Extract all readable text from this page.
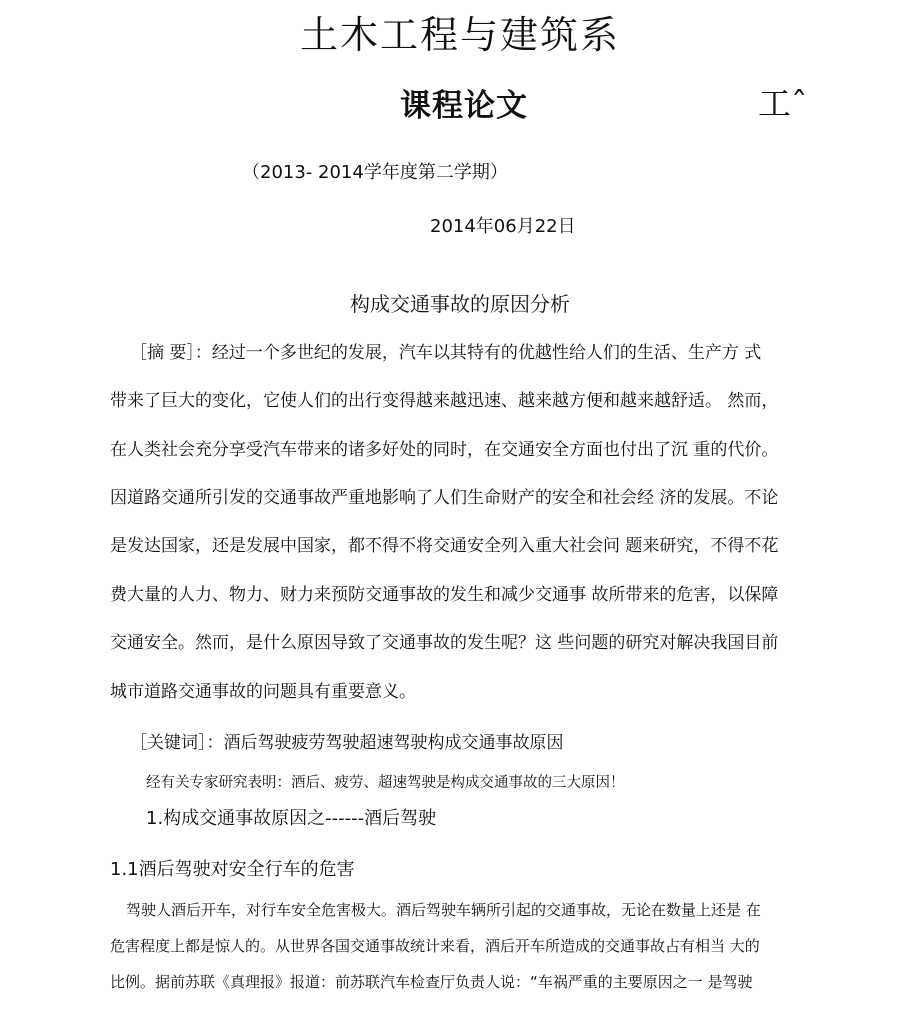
土木工程与建筑系
课程论文	工ˆ
（2013- 2014学年度第二学期）
2014年06月22日
构成交通事故的原因分析
［摘 要］：经过一个多世纪的发展，汽车以其特有的优越性给人们的生活、生产方 式
带来了巨大的变化，它使人们的出行变得越来越迅速、越来越方便和越来越舒适。 然而，
在人类社会充分享受汽车带来的诸多好处的同时，在交通安全方面也付出了沉 重的代价。
因道路交通所引发的交通事故严重地影响了人们生命财产的安全和社会经 济的发展。不论
是发达国家，还是发展中国家，都不得不将交通安全列入重大社会问 题来研究，不得不花
费大量的人力、物力、财力来预防交通事故的发生和减少交通事 故所带来的危害，以保障
交通安全。然而，是什么原因导致了交通事故的发生呢？这 些问题的研究对解决我国目前
城市道路交通事故的问题具有重要意义。
［关键词］：酒后驾驶疲劳驾驶超速驾驶构成交通事故原因
经有关专家研究表明：酒后、疲劳、超速驾驶是构成交通事故的三大原因！
1.构成交通事故原因之------酒后驾驶
1.1酒后驾驶对安全行车的危害
驾驶人酒后开车，对行车安全危害极大。酒后驾驶车辆所引起的交通事故，无论在数量上还是 在
危害程度上都是惊人的。从世界各国交通事故统计来看，酒后开车所造成的交通事故占有相当 大的
比例。据前苏联《真理报》报道：前苏联汽车检查厅负责人说：“车祸严重的主要原因之一 是驾驶
